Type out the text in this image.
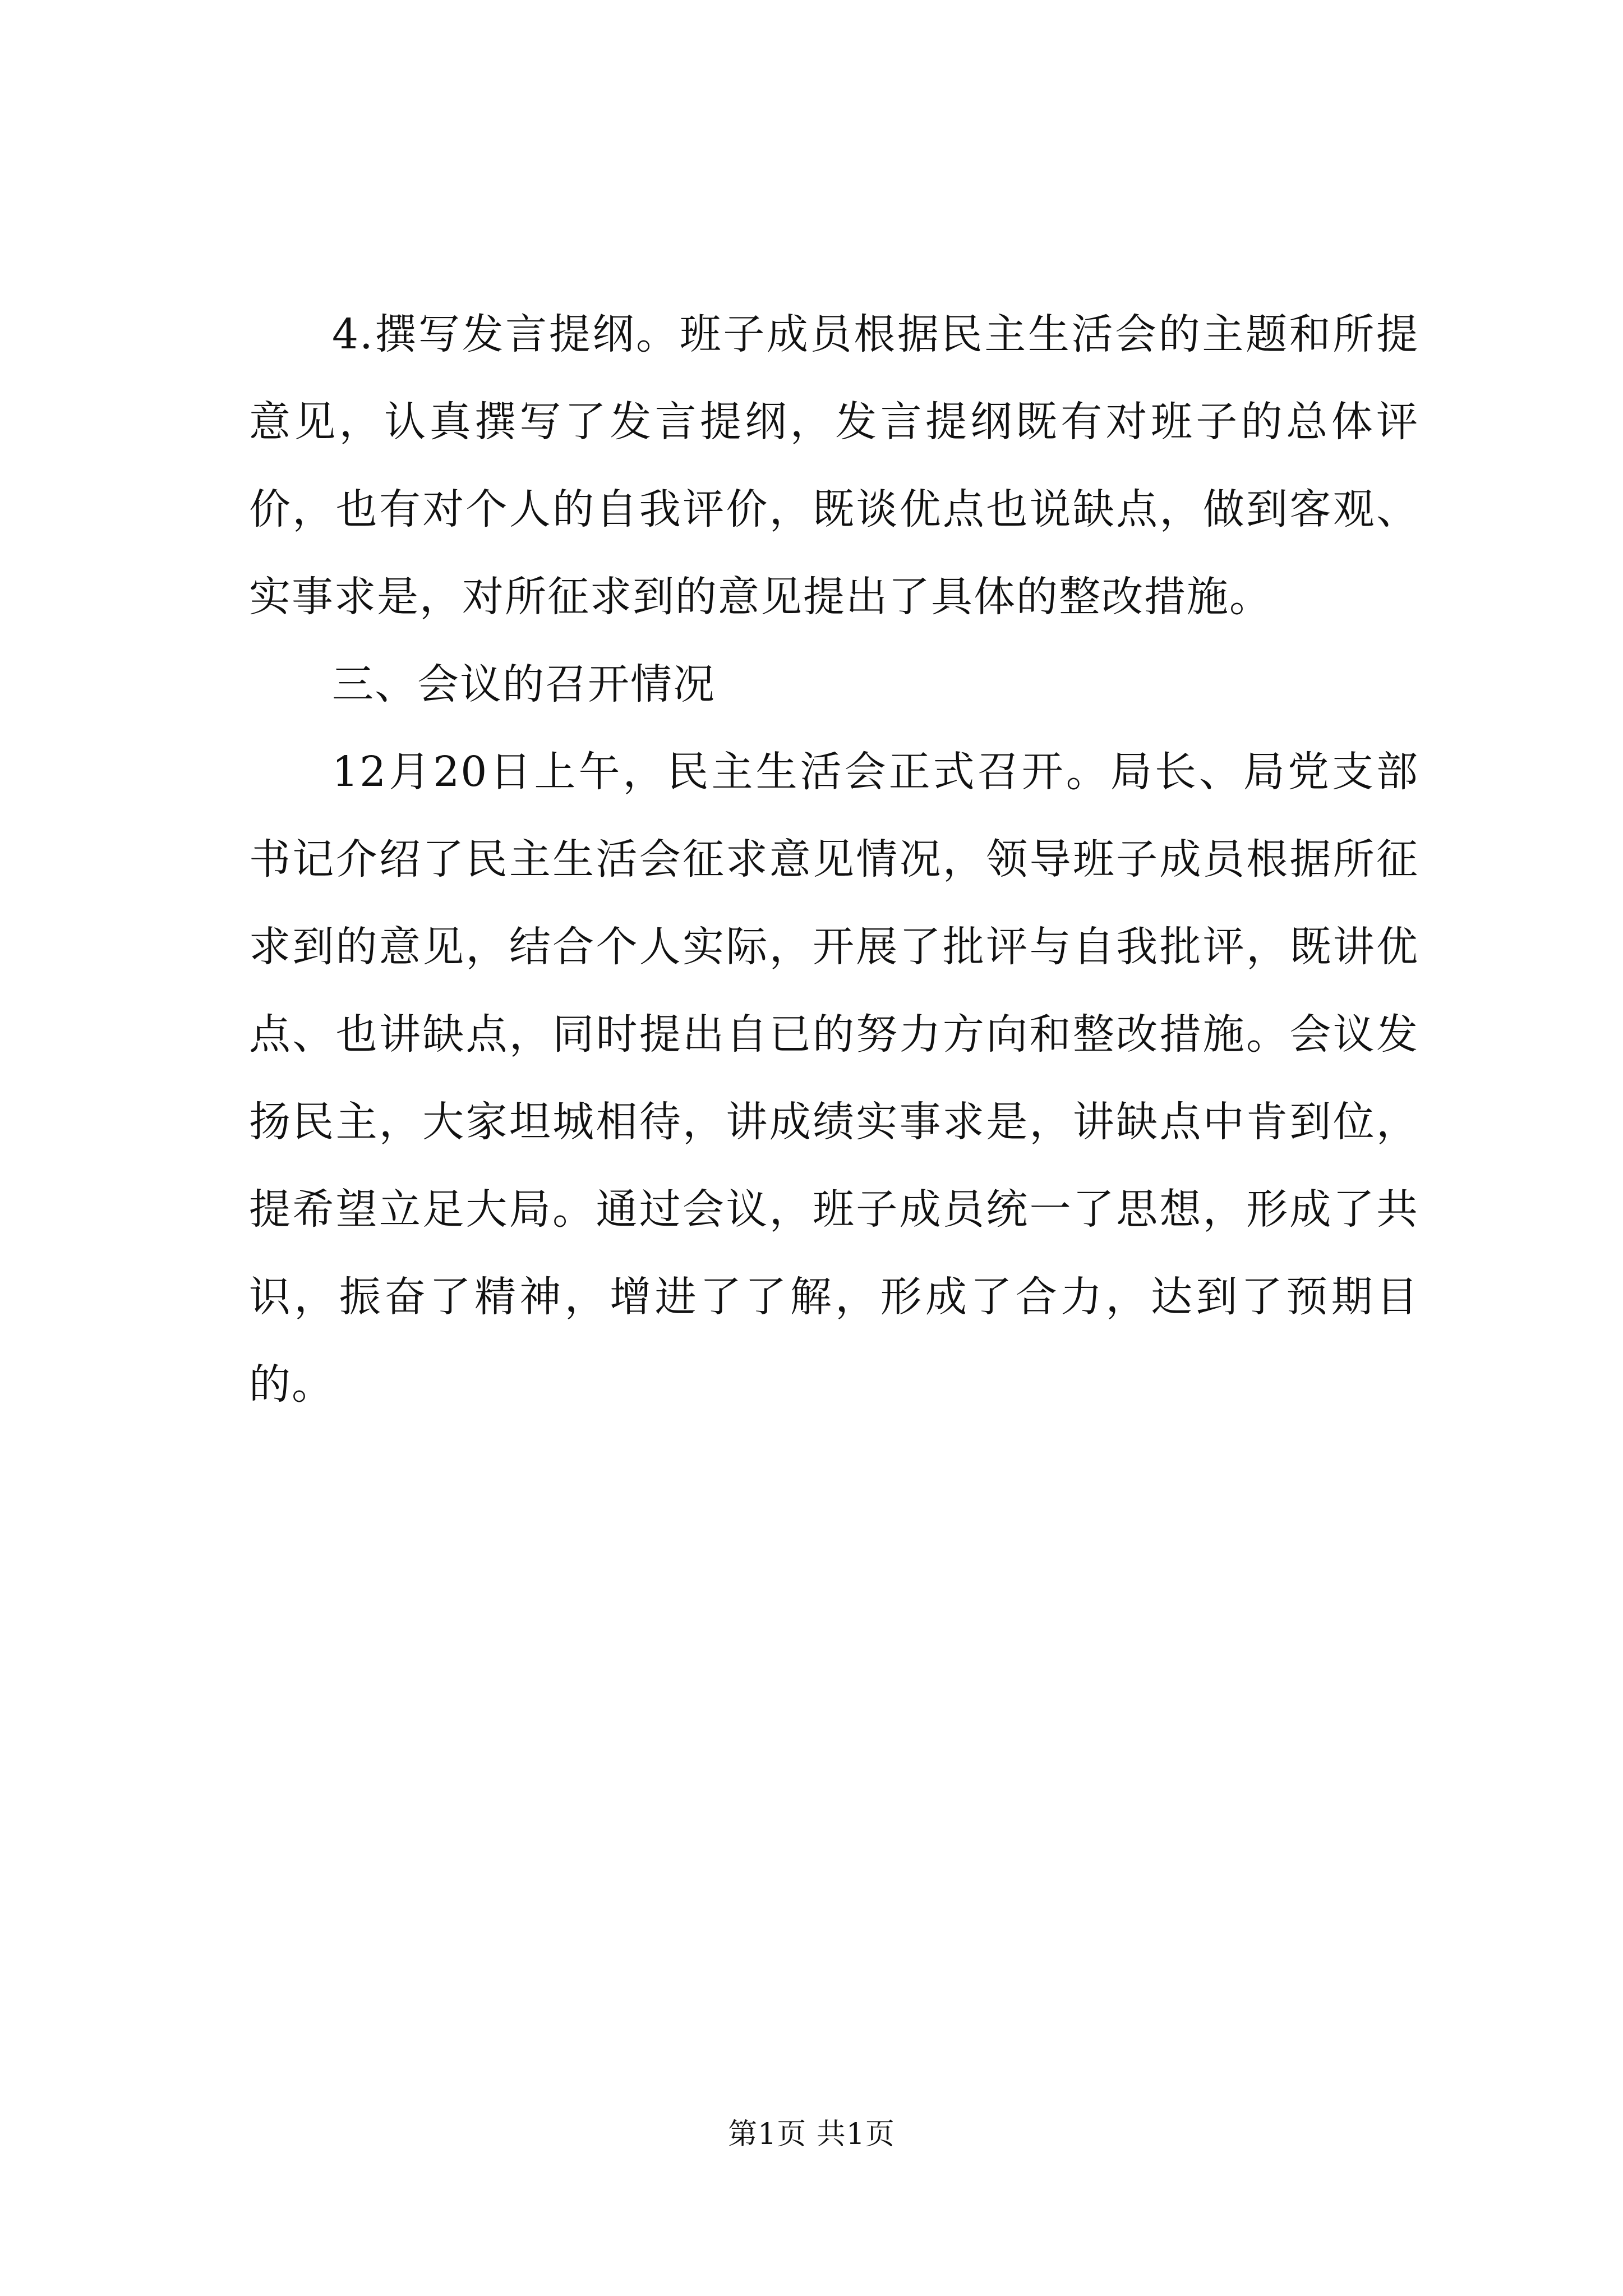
4.撰写发言提纲。班子成员根据民主生活会的主题和所提意见，认真撰写了发言提纲，发言提纲既有对班子的总体评价，也有对个人的自我评价，既谈优点也说缺点，做到客观、实事求是，对所征求到的意见提出了具体的整改措施。

三、会议的召开情况

12月20日上午，民主生活会正式召开。局长、局党支部书记介绍了民主生活会征求意见情况，领导班子成员根据所征求到的意见，结合个人实际，开展了批评与自我批评，既讲优点、也讲缺点，同时提出自已的努力方向和整改措施。会议发扬民主，大家坦城相待，讲成绩实事求是，讲缺点中肯到位，提希望立足大局。通过会议，班子成员统一了思想，形成了共识，振奋了精神，增进了了解，形成了合力，达到了预期目的。

第1页 共1页
